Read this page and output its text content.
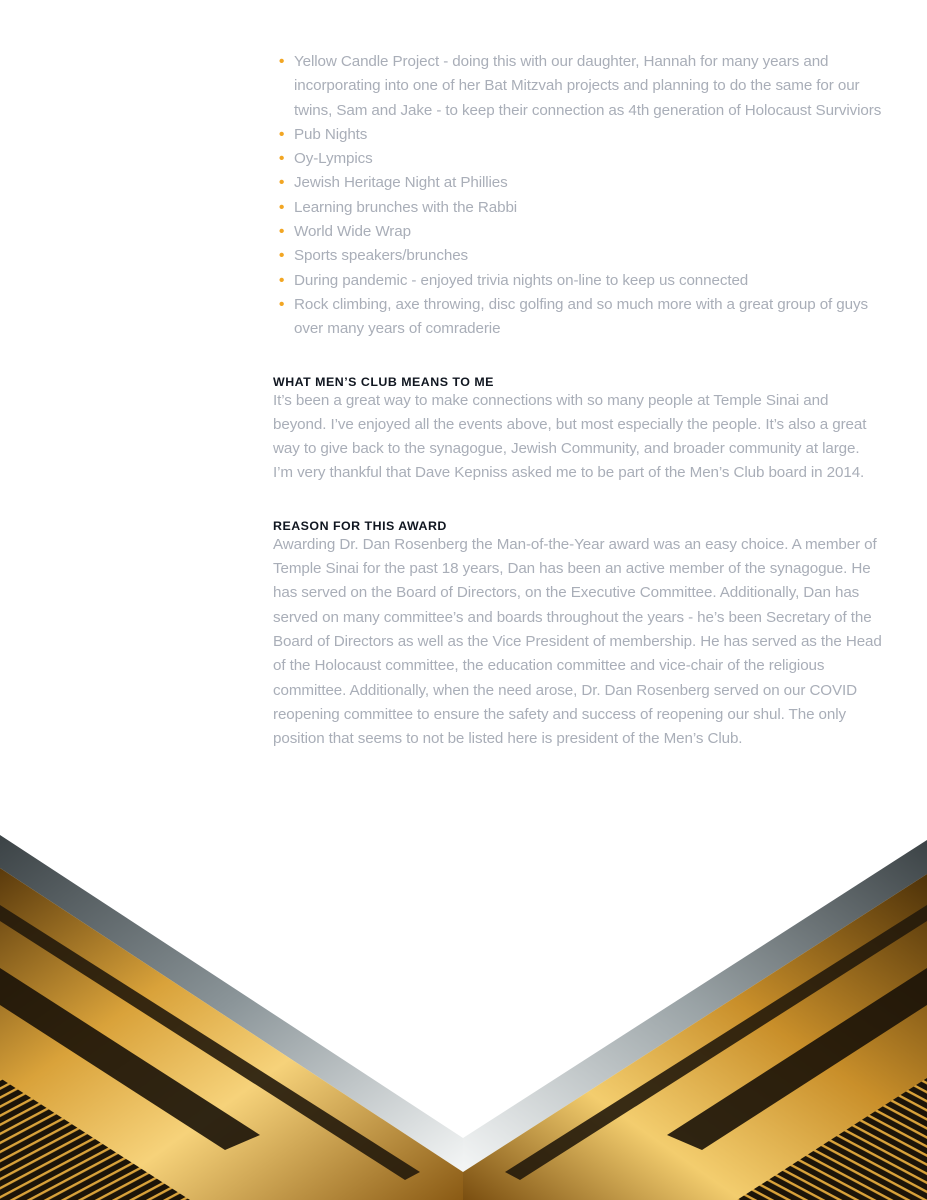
• Yellow Candle Project - doing this with our daughter, Hannah for many years and incorporating into one of her Bat Mitzvah projects and planning to do the same for our twins, Sam and Jake - to keep their connection as 4th generation of Holocaust Surviviors
• Pub Nights
• Oy-Lympics
• Jewish Heritage Night at Phillies
• Learning brunches with the Rabbi
• World Wide Wrap
• Sports speakers/brunches
• During pandemic - enjoyed trivia nights on-line to keep us connected
• Rock climbing, axe throwing, disc golfing and so much more with a great group of guys over many years of comraderie
WHAT MEN’S CLUB MEANS TO ME

It’s been a great way to make connections with so many people at Temple Sinai and beyond. I’ve enjoyed all the events above, but most especially the people. It’s also a great way to give back to the synagogue, Jewish Community, and broader community at large. I’m very thankful that Dave Kepniss asked me to be part of the Men’s Club board in 2014.

REASON FOR THIS AWARD

Awarding Dr. Dan Rosenberg the Man-of-the-Year award was an easy choice. A member of Temple Sinai for the past 18 years, Dan has been an active member of the synagogue. He has served on the Board of Directors, on the Executive Committee. Additionally, Dan has served on many committee’s and boards throughout the years - he’s been Secretary of the Board of Directors as well as the Vice President of membership. He has served as the Head of the Holocaust committee, the education committee and vice-chair of the religious committee. Additionally, when the need arose, Dr. Dan Rosenberg served on our COVID reopening committee to ensure the safety and success of reopening our shul. The only position that seems to not be listed here is president of the Men’s Club.
